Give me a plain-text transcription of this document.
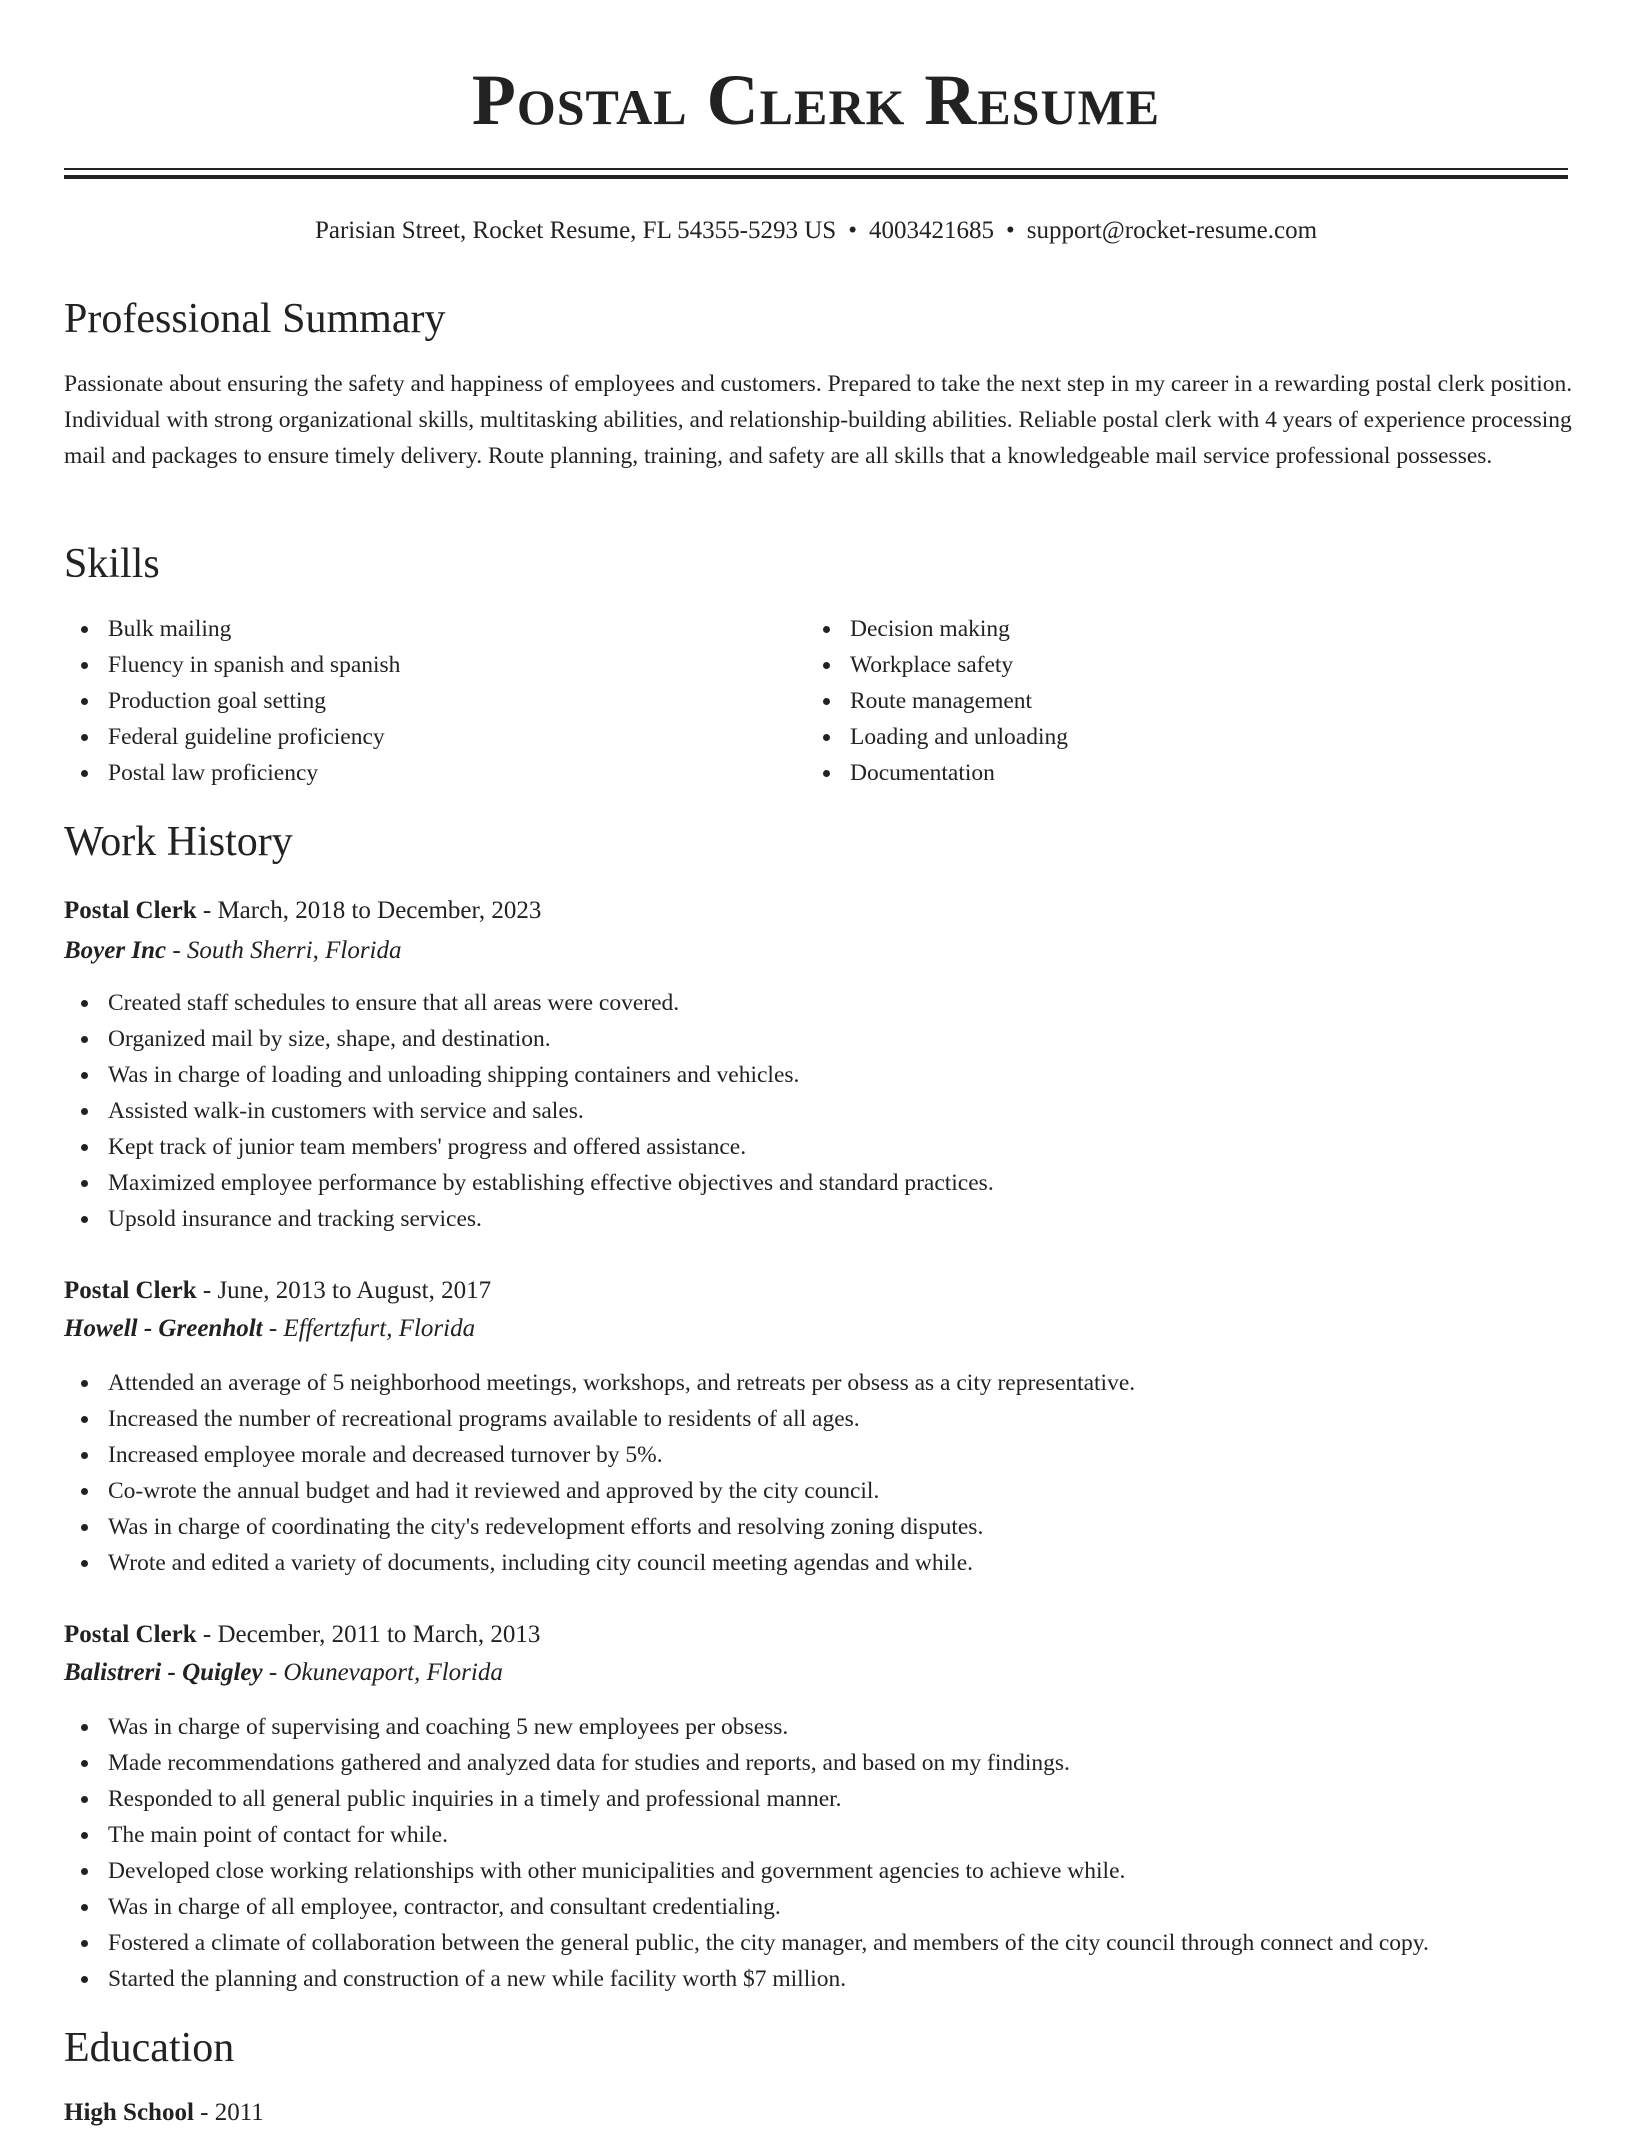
Postal Clerk Resume
Parisian Street, Rocket Resume, FL 54355-5293 US • 4003421685 • support@rocket-resume.com
Professional Summary

Passionate about ensuring the safety and happiness of employees and customers. Prepared to take the next step in my career in a rewarding postal clerk position. Individual with strong organizational skills, multitasking abilities, and relationship-building abilities. Reliable postal clerk with 4 years of experience processing mail and packages to ensure timely delivery. Route planning, training, and safety are all skills that a knowledgeable mail service professional possesses.

Skills
Bulk mailing
Fluency in spanish and spanish
Production goal setting
Federal guideline proficiency
Postal law proficiency
Decision making
Workplace safety
Route management
Loading and unloading
Documentation
Work History

Postal Clerk - March, 2018 to December, 2023

Boyer Inc - South Sherri, Florida

Created staff schedules to ensure that all areas were covered.
Organized mail by size, shape, and destination.
Was in charge of loading and unloading shipping containers and vehicles.
Assisted walk-in customers with service and sales.
Kept track of junior team members' progress and offered assistance.
Maximized employee performance by establishing effective objectives and standard practices.
Upsold insurance and tracking services.

Postal Clerk - June, 2013 to August, 2017

Howell - Greenholt - Effertzfurt, Florida

Attended an average of 5 neighborhood meetings, workshops, and retreats per obsess as a city representative.
Increased the number of recreational programs available to residents of all ages.
Increased employee morale and decreased turnover by 5%.
Co-wrote the annual budget and had it reviewed and approved by the city council.
Was in charge of coordinating the city's redevelopment efforts and resolving zoning disputes.
Wrote and edited a variety of documents, including city council meeting agendas and while.

Postal Clerk - December, 2011 to March, 2013

Balistreri - Quigley - Okunevaport, Florida

Was in charge of supervising and coaching 5 new employees per obsess.
Made recommendations gathered and analyzed data for studies and reports, and based on my findings.
Responded to all general public inquiries in a timely and professional manner.
The main point of contact for while.
Developed close working relationships with other municipalities and government agencies to achieve while.
Was in charge of all employee, contractor, and consultant credentialing.
Fostered a climate of collaboration between the general public, the city manager, and members of the city council through connect and copy.
Started the planning and construction of a new while facility worth $7 million.
Education

High School - 2011
